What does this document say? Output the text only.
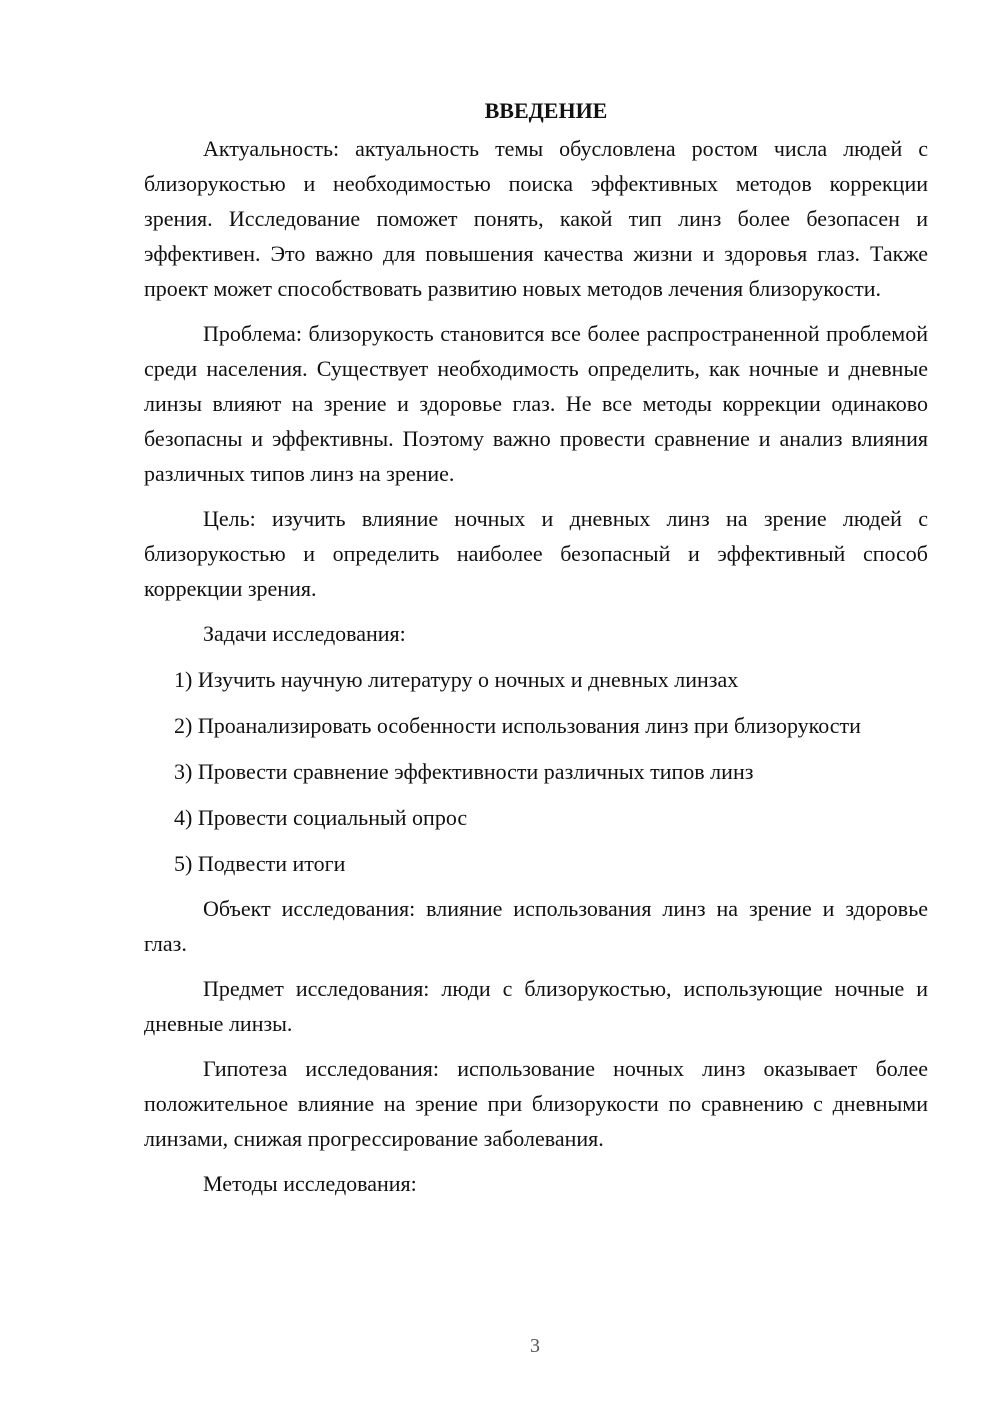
ВВЕДЕНИЕ

Актуальность: актуальность темы обусловлена ростом числа людей с близорукостью и необходимостью поиска эффективных методов коррекции зрения. Исследование поможет понять, какой тип линз более безопасен и эффективен. Это важно для повышения качества жизни и здоровья глаз. Также проект может способствовать развитию новых методов лечения близорукости.

Проблема: близорукость становится все более распространенной проблемой среди населения. Существует необходимость определить, как ночные и дневные линзы влияют на зрение и здоровье глаз. Не все методы коррекции одинаково безопасны и эффективны. Поэтому важно провести сравнение и анализ влияния различных типов линз на зрение.

Цель: изучить влияние ночных и дневных линз на зрение людей с близорукостью и определить наиболее безопасный и эффективный способ коррекции зрения.

Задачи исследования:

1) Изучить научную литературу о ночных и дневных линзах

2) Проанализировать особенности использования линз при близорукости

3) Провести сравнение эффективности различных типов линз

4) Провести социальный опрос

5) Подвести итоги

Объект исследования: влияние использования линз на зрение и здоровье глаз.

Предмет исследования: люди с близорукостью, использующие ночные и дневные линзы.

Гипотеза исследования: использование ночных линз оказывает более положительное влияние на зрение при близорукости по сравнению с дневными линзами, снижая прогрессирование заболевания.

Методы исследования:

3
